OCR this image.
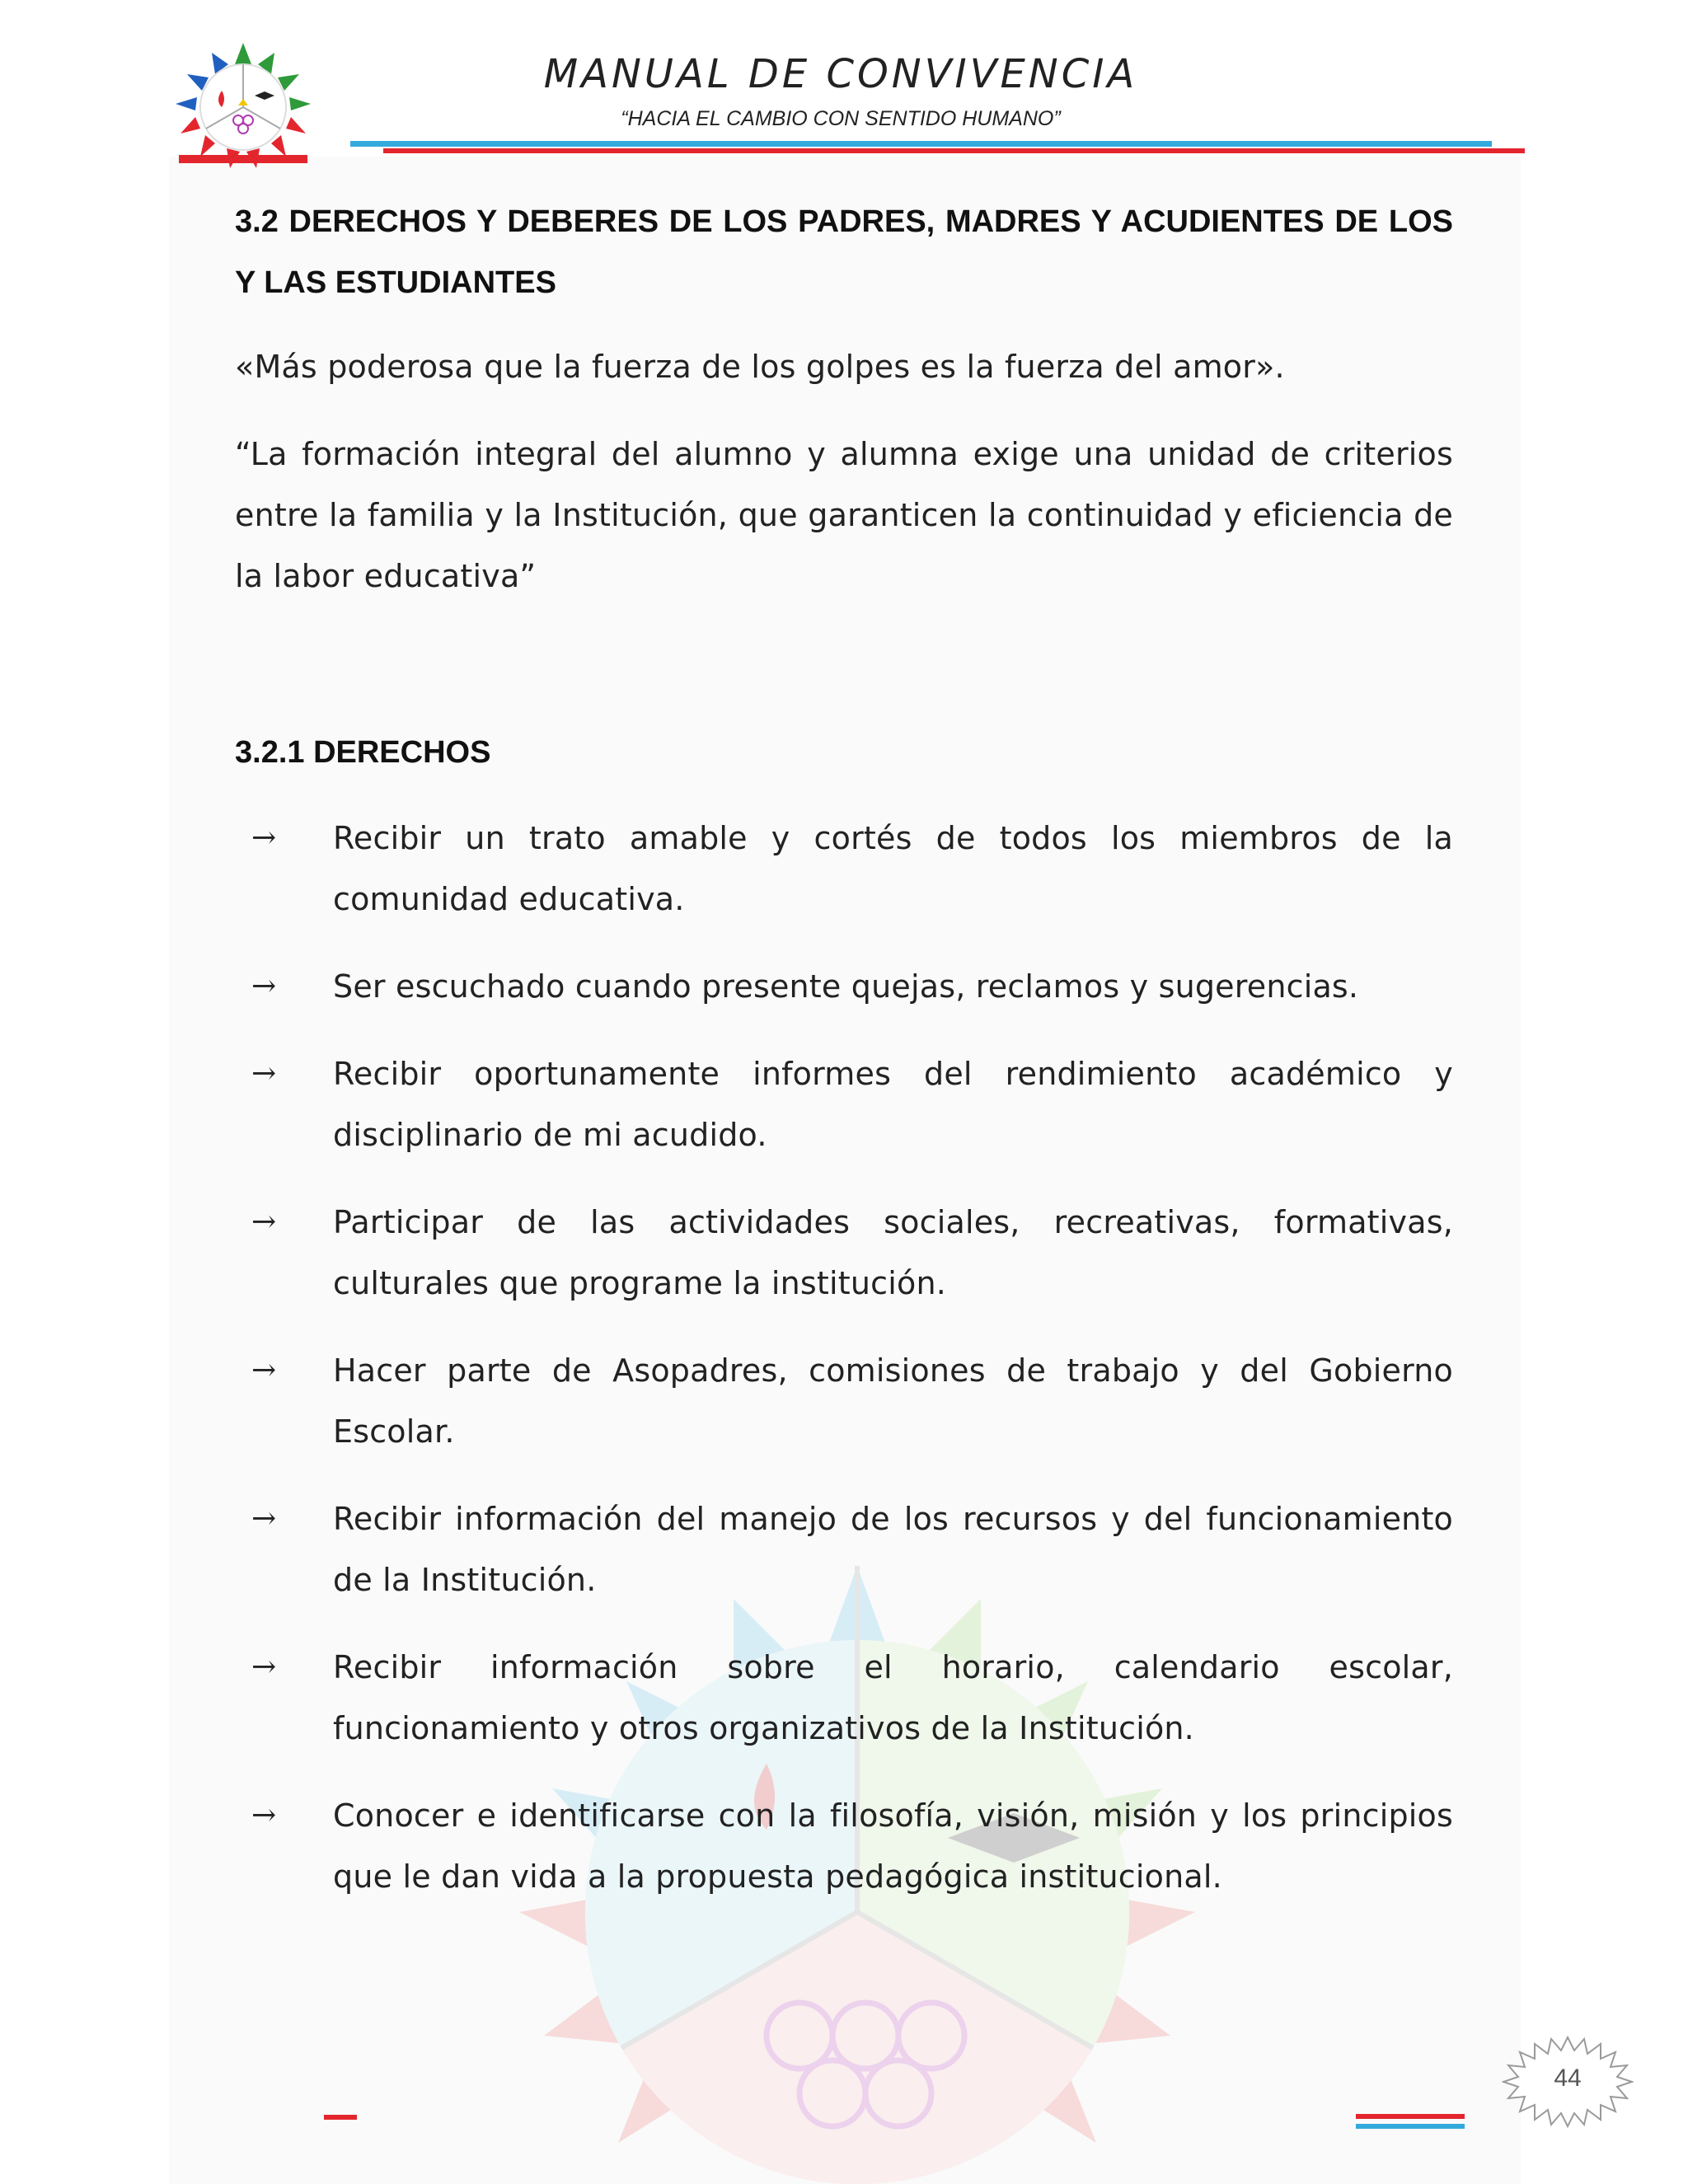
MANUAL DE CONVIVENCIA
“HACIA EL CAMBIO CON SENTIDO HUMANO”
3.2 DERECHOS Y DEBERES DE LOS PADRES, MADRES Y ACUDIENTES DE LOS Y LAS ESTUDIANTES

«Más poderosa que la fuerza de los golpes es la fuerza del amor».

“La formación integral del alumno y alumna exige una unidad de criterios entre la familia y la Institución, que garanticen la continuidad y eficiencia de la labor educativa”

3.2.1 DERECHOS
→ Recibir un trato amable y cortés de todos los miembros de la comunidad educativa.

→ Ser escuchado cuando presente quejas, reclamos y sugerencias.

→ Recibir oportunamente informes del rendimiento académico y disciplinario de mi acudido.

→ Participar de las actividades sociales, recreativas, formativas, culturales que programe la institución.

→ Hacer parte de Asopadres, comisiones de trabajo y del Gobierno Escolar.

→ Recibir información del manejo de los recursos y del funcionamiento de la Institución.

→ Recibir información sobre el horario, calendario escolar, funcionamiento y otros organizativos de la Institución.

→ Conocer e identificarse con la filosofía, visión, misión y los principios que le dan vida a la propuesta pedagógica institucional.

44
